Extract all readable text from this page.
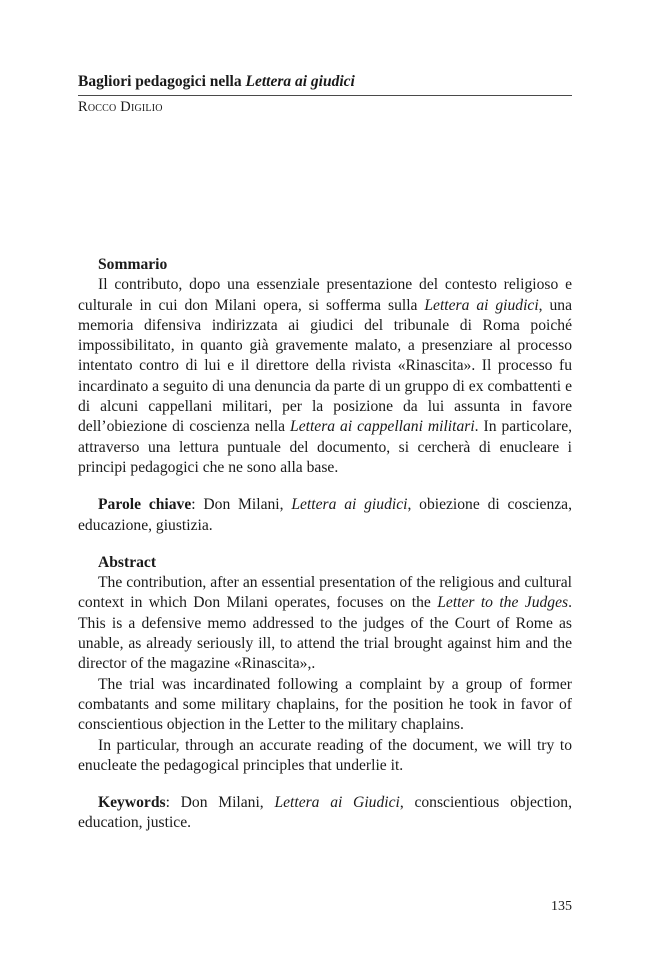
Bagliori pedagogici nella Lettera ai giudici
Rocco Digilio

Sommario

Il contributo, dopo una essenziale presentazione del contesto religioso e culturale in cui don Milani opera, si sofferma sulla Lettera ai giudici, una memoria difensiva indirizzata ai giudici del tribunale di Roma poiché impossibilitato, in quanto già gravemente malato, a presenziare al processo intentato contro di lui e il direttore della rivista «Rinascita». Il processo fu incardinato a seguito di una denuncia da parte di un gruppo di ex combattenti e di alcuni cappellani militari, per la posizione da lui assunta in favore dell’obiezione di coscienza nella Lettera ai cappellani militari. In particolare, attraverso una lettura puntuale del documento, si cercherà di enucleare i principi pedagogici che ne sono alla base.

Parole chiave: Don Milani, Lettera ai giudici, obiezione di coscienza, educazione, giustizia.

Abstract

The contribution, after an essential presentation of the religious and cultural context in which Don Milani operates, focuses on the Letter to the Judges. This is a defensive memo addressed to the judges of the Court of Rome as unable, as already seriously ill, to attend the trial brought against him and the director of the magazine «Rinascita»,.

The trial was incardinated following a complaint by a group of former combatants and some military chaplains, for the position he took in favor of conscientious objection in the Letter to the military chaplains.

In particular, through an accurate reading of the document, we will try to enucleate the pedagogical principles that underlie it.

Keywords: Don Milani, Lettera ai Giudici, conscientious objection, education, justice.

135
